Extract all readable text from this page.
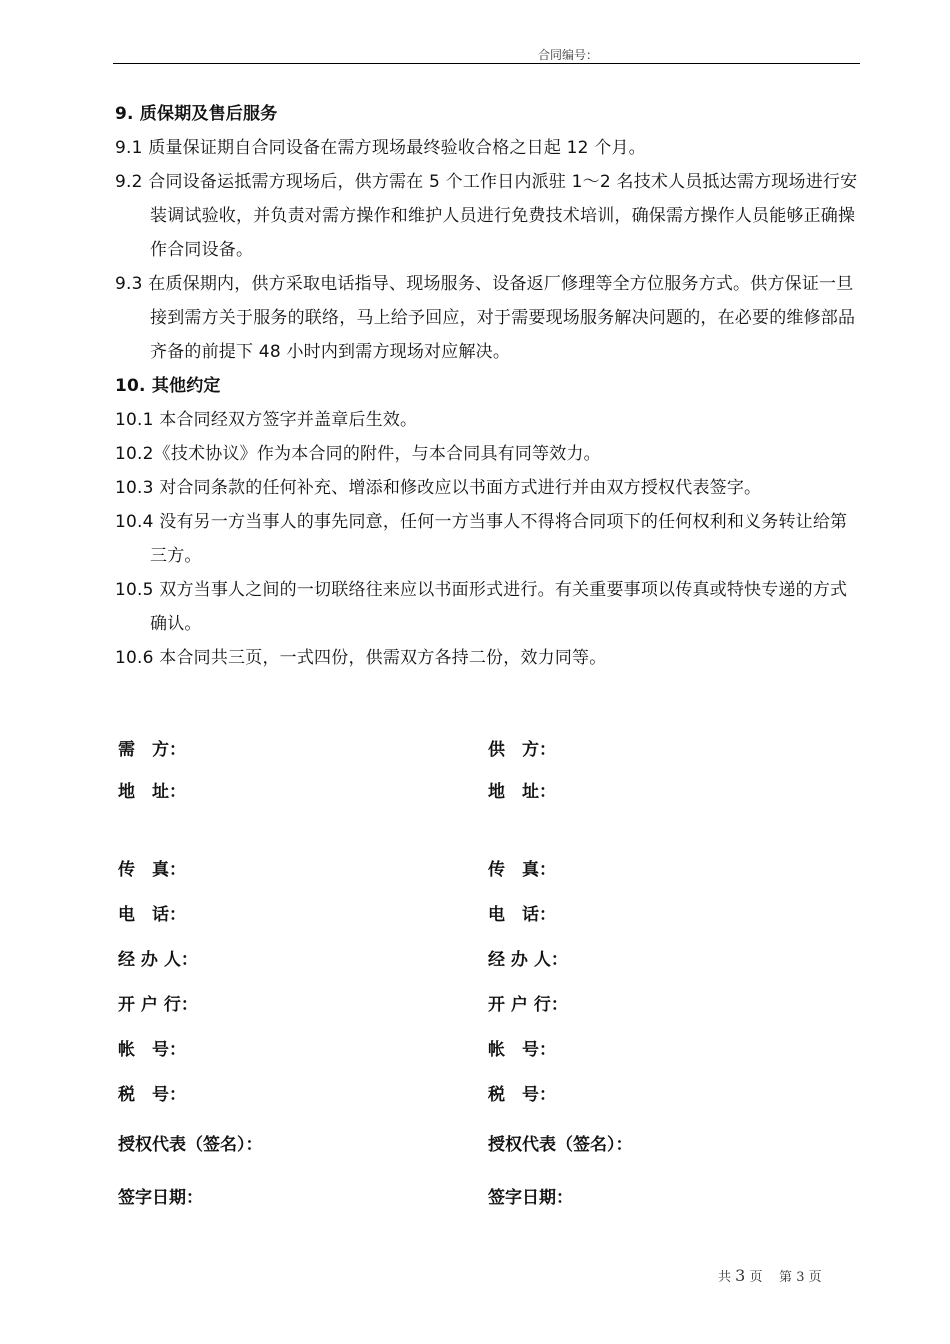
合同编号：
9. 质保期及售后服务
9.1 质量保证期自合同设备在需方现场最终验收合格之日起 12 个月。
9.2 合同设备运抵需方现场后，供方需在 5 个工作日内派驻 1～2 名技术人员抵达需方现场进行安装调试验收，并负责对需方操作和维护人员进行免费技术培训，确保需方操作人员能够正确操作合同设备。
9.3 在质保期内，供方采取电话指导、现场服务、设备返厂修理等全方位服务方式。供方保证一旦接到需方关于服务的联络，马上给予回应，对于需要现场服务解决问题的，在必要的维修部品齐备的前提下 48 小时内到需方现场对应解决。
10. 其他约定
10.1 本合同经双方签字并盖章后生效。
10.2《技术协议》作为本合同的附件，与本合同具有同等效力。
10.3 对合同条款的任何补充、增添和修改应以书面方式进行并由双方授权代表签字。
10.4 没有另一方当事人的事先同意，任何一方当事人不得将合同项下的任何权利和义务转让给第三方。
10.5 双方当事人之间的一切联络往来应以书面形式进行。有关重要事项以传真或特快专递的方式确认。
10.6 本合同共三页，一式四份，供需双方各持二份，效力同等。
需　方：	供　方：
地　址：	地　址：
传　真：	传　真：
电　话：	电　话：
经 办 人：	经 办 人：
开 户 行：	开 户 行：
帐　号：	帐　号：
税　号：	税　号：
授权代表（签名）：	授权代表（签名）：
签字日期：	签字日期：
共 3 页 第 3 页
